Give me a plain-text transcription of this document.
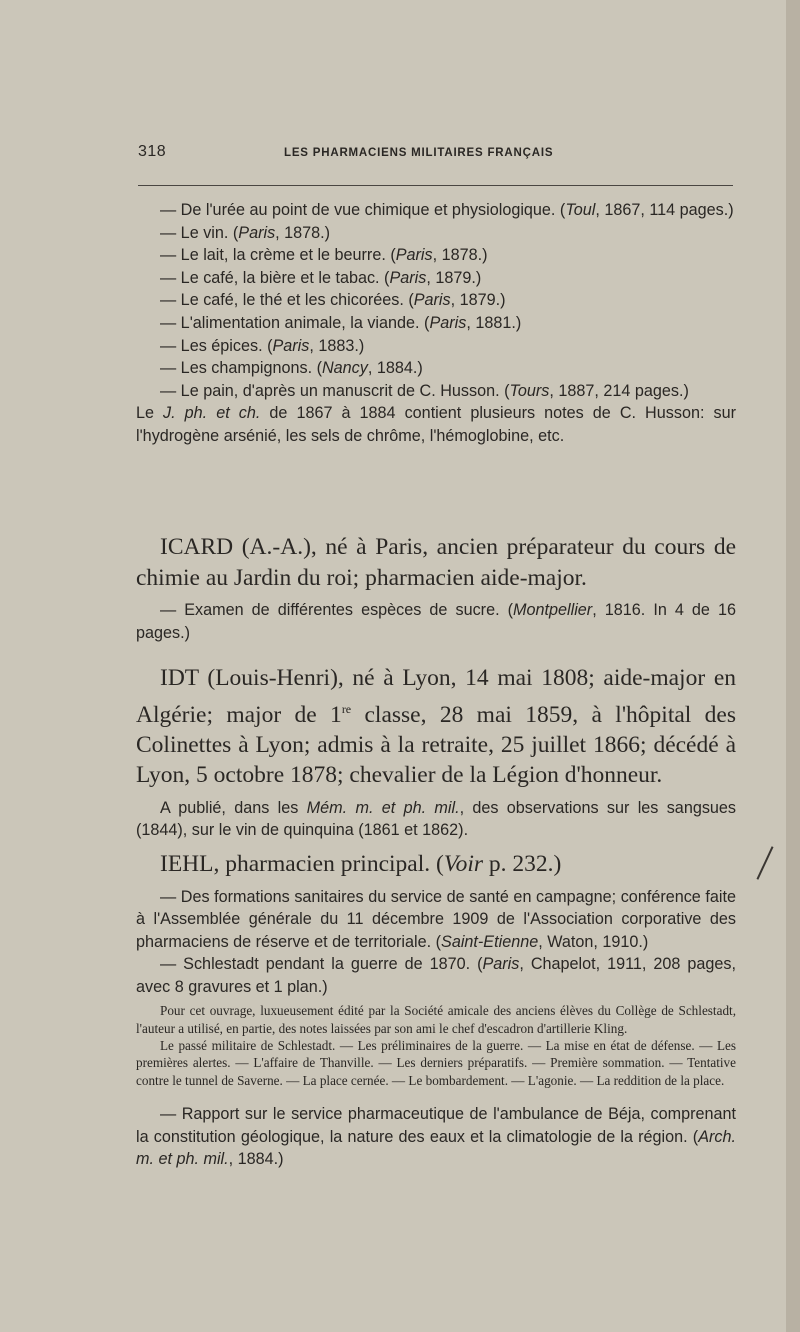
318	LES PHARMACIENS MILITAIRES FRANÇAIS

— De l'urée au point de vue chimique et physiologique. (Toul, 1867, 114 pages.)

— Le vin. (Paris, 1878.)

— Le lait, la crème et le beurre. (Paris, 1878.)

— Le café, la bière et le tabac. (Paris, 1879.)

— Le café, le thé et les chicorées. (Paris, 1879.)

— L'alimentation animale, la viande. (Paris, 1881.)

— Les épices. (Paris, 1883.)

— Les champignons. (Nancy, 1884.)

— Le pain, d'après un manuscrit de C. Husson. (Tours, 1887, 214 pages.)

Le J. ph. et ch. de 1867 à 1884 contient plusieurs notes de C. Husson: sur l'hydrogène arsénié, les sels de chrôme, l'hémoglobine, etc.

ICARD (A.-A.), né à Paris, ancien préparateur du cours de chimie au Jardin du roi; pharmacien aide-major.

— Examen de différentes espèces de sucre. (Montpellier, 1816. In 4 de 16 pages.)

IDT (Louis-Henri), né à Lyon, 14 mai 1808; aide-major en Algérie; major de 1re classe, 28 mai 1859, à l'hôpital des Colinettes à Lyon; admis à la retraite, 25 juillet 1866; décédé à Lyon, 5 octobre 1878; chevalier de la Légion d'honneur.

A publié, dans les Mém. m. et ph. mil., des observations sur les sangsues (1844), sur le vin de quinquina (1861 et 1862).

IEHL, pharmacien principal. (Voir p. 232.)

— Des formations sanitaires du service de santé en campagne; conférence faite à l'Assemblée générale du 11 décembre 1909 de l'Association corporative des pharmaciens de réserve et de territoriale. (Saint-Etienne, Waton, 1910.)

— Schlestadt pendant la guerre de 1870. (Paris, Chapelot, 1911, 208 pages, avec 8 gravures et 1 plan.)

Pour cet ouvrage, luxueusement édité par la Société amicale des anciens élèves du Collège de Schlestadt, l'auteur a utilisé, en partie, des notes laissées par son ami le chef d'escadron d'artillerie Kling.

Le passé militaire de Schlestadt. — Les préliminaires de la guerre. — La mise en état de défense. — Les premières alertes. — L'affaire de Thanville. — Les derniers préparatifs. — Première sommation. — Tentative contre le tunnel de Saverne. — La place cernée. — Le bombardement. — L'agonie. — La reddition de la place.

— Rapport sur le service pharmaceutique de l'ambulance de Béja, comprenant la constitution géologique, la nature des eaux et la climatologie de la région. (Arch. m. et ph. mil., 1884.)
